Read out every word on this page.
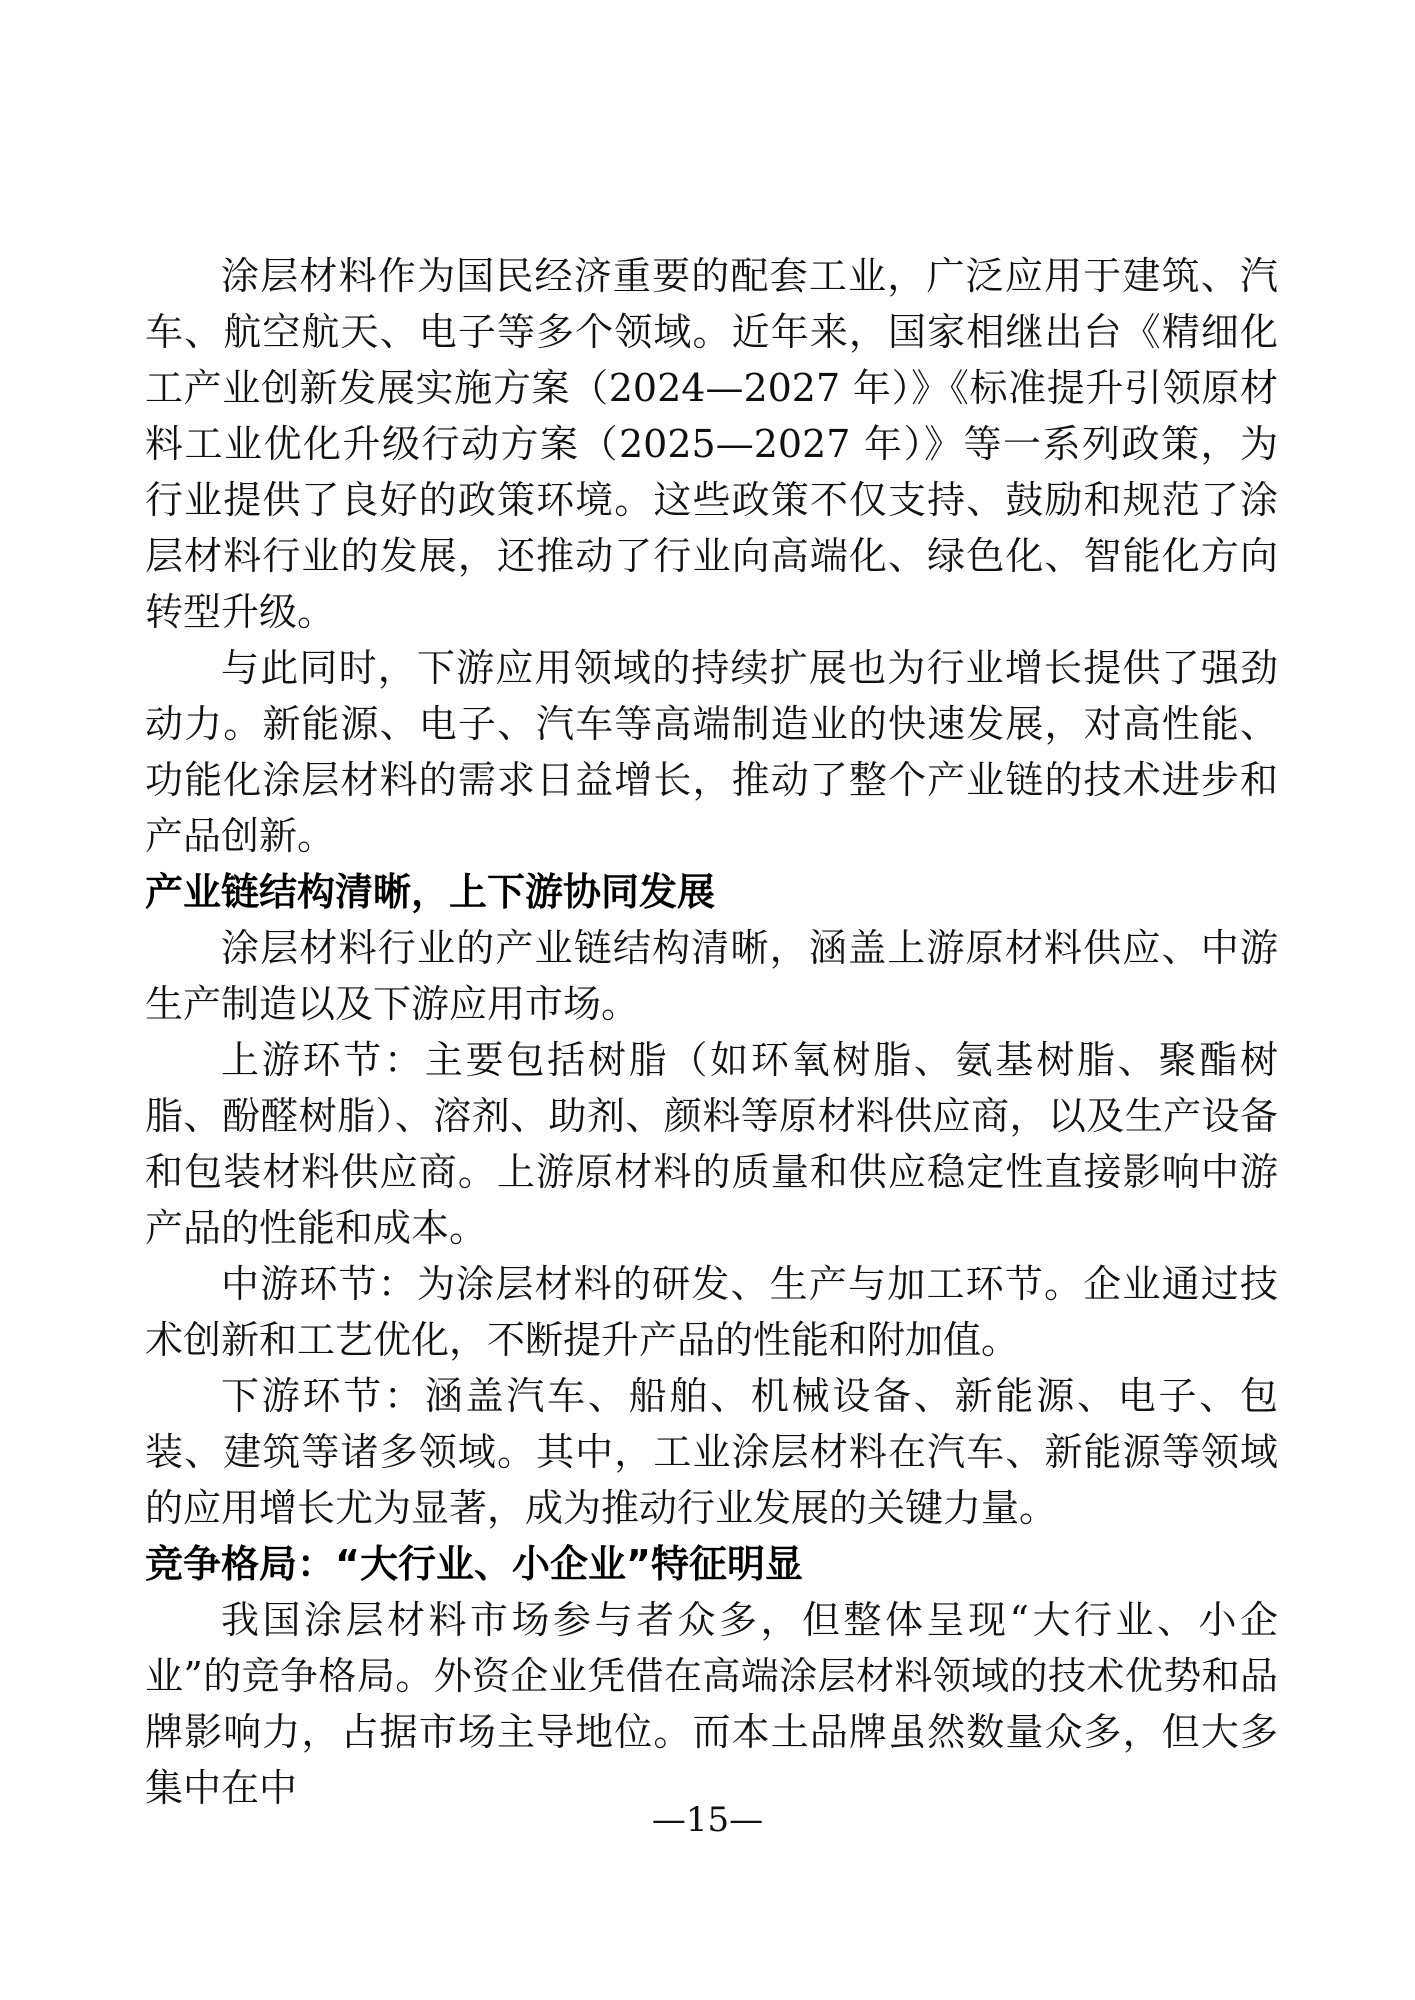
涂层材料作为国民经济重要的配套工业，广泛应用于建筑、汽车、航空航天、电子等多个领域。近年来，国家相继出台《精细化工产业创新发展实施方案（2024—2027 年）》《标准提升引领原材料工业优化升级行动方案（2025—2027 年）》等一系列政策，为行业提供了良好的政策环境。这些政策不仅支持、鼓励和规范了涂层材料行业的发展，还推动了行业向高端化、绿色化、智能化方向转型升级。

与此同时，下游应用领域的持续扩展也为行业增长提供了强劲动力。新能源、电子、汽车等高端制造业的快速发展，对高性能、功能化涂层材料的需求日益增长，推动了整个产业链的技术进步和产品创新。

产业链结构清晰，上下游协同发展

涂层材料行业的产业链结构清晰，涵盖上游原材料供应、中游生产制造以及下游应用市场。

上游环节：主要包括树脂（如环氧树脂、氨基树脂、聚酯树脂、酚醛树脂）、溶剂、助剂、颜料等原材料供应商，以及生产设备和包装材料供应商。上游原材料的质量和供应稳定性直接影响中游产品的性能和成本。

中游环节：为涂层材料的研发、生产与加工环节。企业通过技术创新和工艺优化，不断提升产品的性能和附加值。

下游环节：涵盖汽车、船舶、机械设备、新能源、电子、包装、建筑等诸多领域。其中，工业涂层材料在汽车、新能源等领域的应用增长尤为显著，成为推动行业发展的关键力量。

竞争格局：“大行业、小企业”特征明显

我国涂层材料市场参与者众多，但整体呈现“大行业、小企业”的竞争格局。外资企业凭借在高端涂层材料领域的技术优势和品牌影响力，占据市场主导地位。而本土品牌虽然数量众多，但大多集中在中

—15—
